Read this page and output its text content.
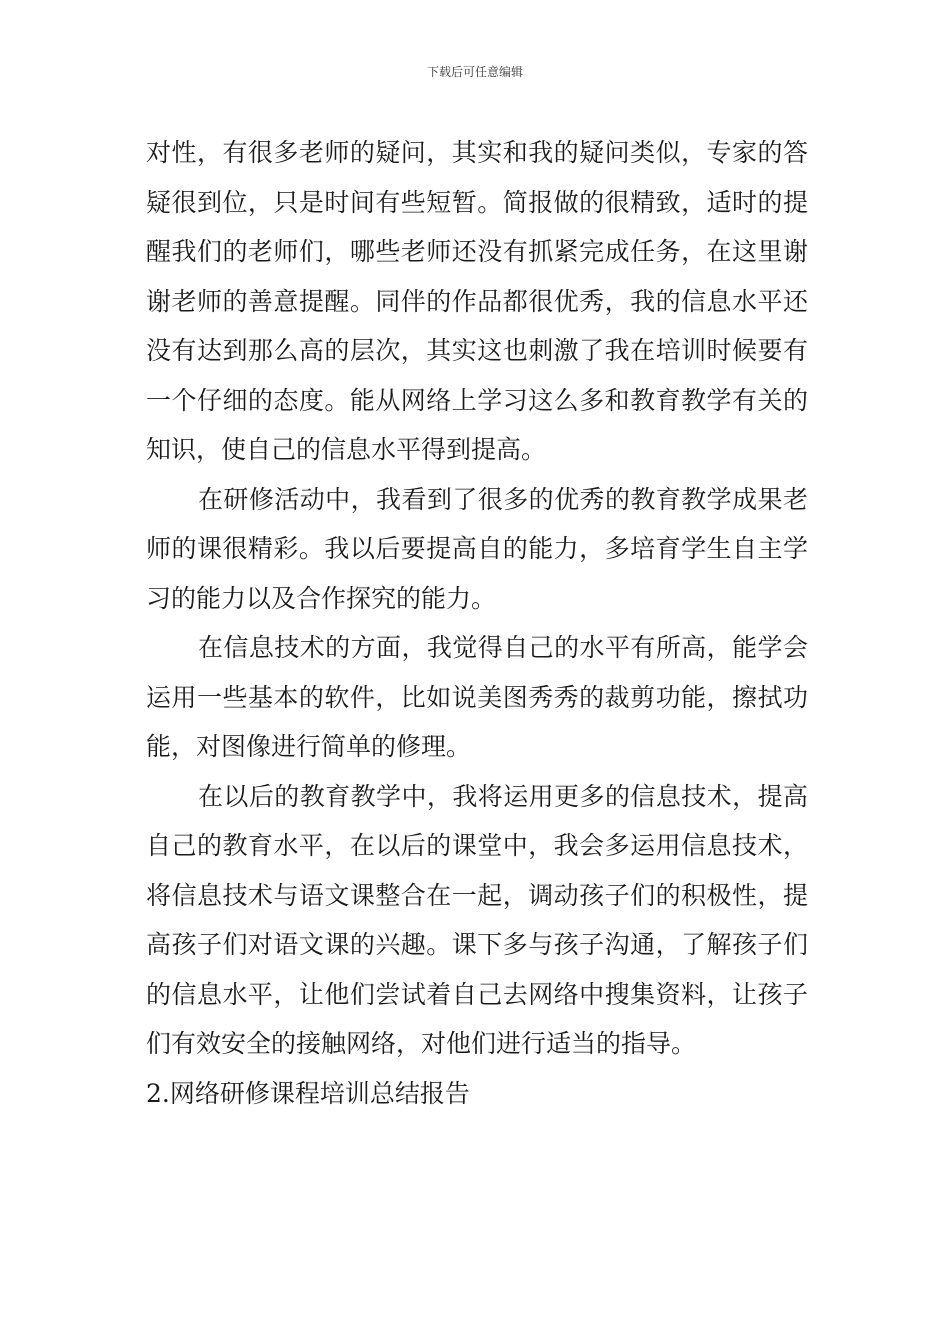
下载后可任意编辑

对性，有很多老师的疑问，其实和我的疑问类似，专家的答疑很到位，只是时间有些短暂。简报做的很精致，适时的提醒我们的老师们，哪些老师还没有抓紧完成任务，在这里谢谢老师的善意提醒。同伴的作品都很优秀，我的信息水平还没有达到那么高的层次，其实这也刺激了我在培训时候要有一个仔细的态度。能从网络上学习这么多和教育教学有关的知识，使自己的信息水平得到提高。

在研修活动中，我看到了很多的优秀的教育教学成果老师的课很精彩。我以后要提高自的能力，多培育学生自主学习的能力以及合作探究的能力。

在信息技术的方面，我觉得自己的水平有所高，能学会运用一些基本的软件，比如说美图秀秀的裁剪功能，擦拭功能，对图像进行简单的修理。

在以后的教育教学中，我将运用更多的信息技术，提高自己的教育水平，在以后的课堂中，我会多运用信息技术，将信息技术与语文课整合在一起，调动孩子们的积极性，提高孩子们对语文课的兴趣。课下多与孩子沟通，了解孩子们的信息水平，让他们尝试着自己去网络中搜集资料，让孩子们有效安全的接触网络，对他们进行适当的指导。

2.网络研修课程培训总结报告
